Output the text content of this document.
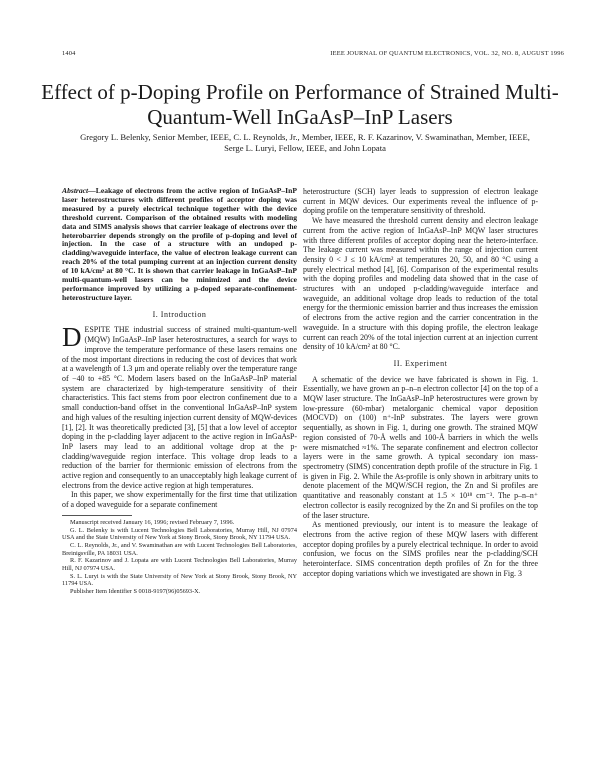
1404	IEEE JOURNAL OF QUANTUM ELECTRONICS, VOL. 32, NO. 8, AUGUST 1996
Effect of p-Doping Profile on Performance of Strained Multi-Quantum-Well InGaAsP–InP Lasers
Gregory L. Belenky, Senior Member, IEEE, C. L. Reynolds, Jr., Member, IEEE, R. F. Kazarinov, V. Swaminathan, Member, IEEE, Serge L. Luryi, Fellow, IEEE, and John Lopata

Abstract—Leakage of electrons from the active region of InGaAsP–InP laser heterostructures with different profiles of acceptor doping was measured by a purely electrical technique together with the device threshold current. Comparison of the obtained results with modeling data and SIMS analysis shows that carrier leakage of electrons over the heterobarrier depends strongly on the profile of p-doping and level of injection. In the case of a structure with an undoped p-cladding/waveguide interface, the value of electron leakage current can reach 20% of the total pumping current at an injection current density of 10 kA/cm² at 80 °C. It is shown that carrier leakage in InGaAsP–InP multi-quantum-well lasers can be minimized and the device performance improved by utilizing a p-doped separate-confinement-heterostructure layer.

I. Introduction

DESPITE THE industrial success of strained multi-quantum-well (MQW) InGaAsP–InP laser heterostructures, a search for ways to improve the temperature performance of these lasers remains one of the most important directions in reducing the cost of devices that work at a wavelength of 1.3 μm and operate reliably over the temperature range of −40 to +85 °C. Modern lasers based on the InGaAsP–InP material system are characterized by high-temperature sensitivity of their characteristics. This fact stems from poor electron confinement due to a small conduction-band offset in the conventional InGaAsP–InP system and high values of the resulting injection current density of MQW-devices [1], [2]. It was theoretically predicted [3], [5] that a low level of acceptor doping in the p-cladding layer adjacent to the active region in InGaAsP-InP lasers may lead to an additional voltage drop at the p-cladding/waveguide region interface. This voltage drop leads to a reduction of the barrier for thermionic emission of electrons from the active region and consequently to an unacceptably high leakage current of electrons from the device active region at high temperatures.

In this paper, we show experimentally for the first time that utilization of a doped waveguide for a separate confinement

Manuscript received January 16, 1996; revised February 7, 1996.

G. L. Belenky is with Lucent Technologies Bell Laboratories, Murray Hill, NJ 07974 USA and the State University of New York at Stony Brook, Stony Brook, NY 11794 USA.

C. L. Reynolds, Jr., and V. Swaminathan are with Lucent Technologies Bell Laboratories, Breinigsville, PA 18031 USA.

R. F. Kazarinov and J. Lopata are with Lucent Technologies Bell Laboratories, Murray Hill, NJ 07974 USA.

S. L. Luryi is with the State University of New York at Stony Brook, Stony Brook, NY 11794 USA.

Publisher Item Identifier S 0018-9197(96)05693-X.

heterostructure (SCH) layer leads to suppression of electron leakage current in MQW devices. Our experiments reveal the influence of p-doping profile on the temperature sensitivity of threshold.

We have measured the threshold current density and electron leakage current from the active region of InGaAsP–InP MQW laser structures with three different profiles of acceptor doping near the hetero-interface. The leakage current was measured within the range of injection current density 0 < J ≤ 10 kA/cm² at temperatures 20, 50, and 80 °C using a purely electrical method [4], [6]. Comparison of the experimental results with the doping profiles and modeling data showed that in the case of structures with an undoped p-cladding/waveguide interface and waveguide, an additional voltage drop leads to reduction of the total energy for the thermionic emission barrier and thus increases the emission of electrons from the active region and the carrier concentration in the waveguide. In a structure with this doping profile, the electron leakage current can reach 20% of the total injection current at an injection current density of 10 kA/cm² at 80 °C.

II. Experiment

A schematic of the device we have fabricated is shown in Fig. 1. Essentially, we have grown an p–n–n electron collector [4] on the top of a MQW laser structure. The InGaAsP–InP heterostructures were grown by low-pressure (60-mbar) metalorganic chemical vapor deposition (MOCVD) on (100) n⁺-InP substrates. The layers were grown sequentially, as shown in Fig. 1, during one growth. The strained MQW region consisted of 70-Å wells and 100-Å barriers in which the wells were mismatched ≈1%. The separate confinement and electron collector layers were in the same growth. A typical secondary ion mass-spectrometry (SIMS) concentration depth profile of the structure in Fig. 1 is given in Fig. 2. While the As-profile is only shown in arbitrary units to denote placement of the MQW/SCH region, the Zn and Si profiles are quantitative and reasonably constant at 1.5 × 10¹⁸ cm⁻³. The p–n–n⁺ electron collector is easily recognized by the Zn and Si profiles on the top of the laser structure.

As mentioned previously, our intent is to measure the leakage of electrons from the active region of these MQW lasers with different acceptor doping profiles by a purely electrical technique. In order to avoid confusion, we focus on the SIMS profiles near the p-cladding/SCH heterointerface. SIMS concentration depth profiles of Zn for the three acceptor doping variations which we investigated are shown in Fig. 3
